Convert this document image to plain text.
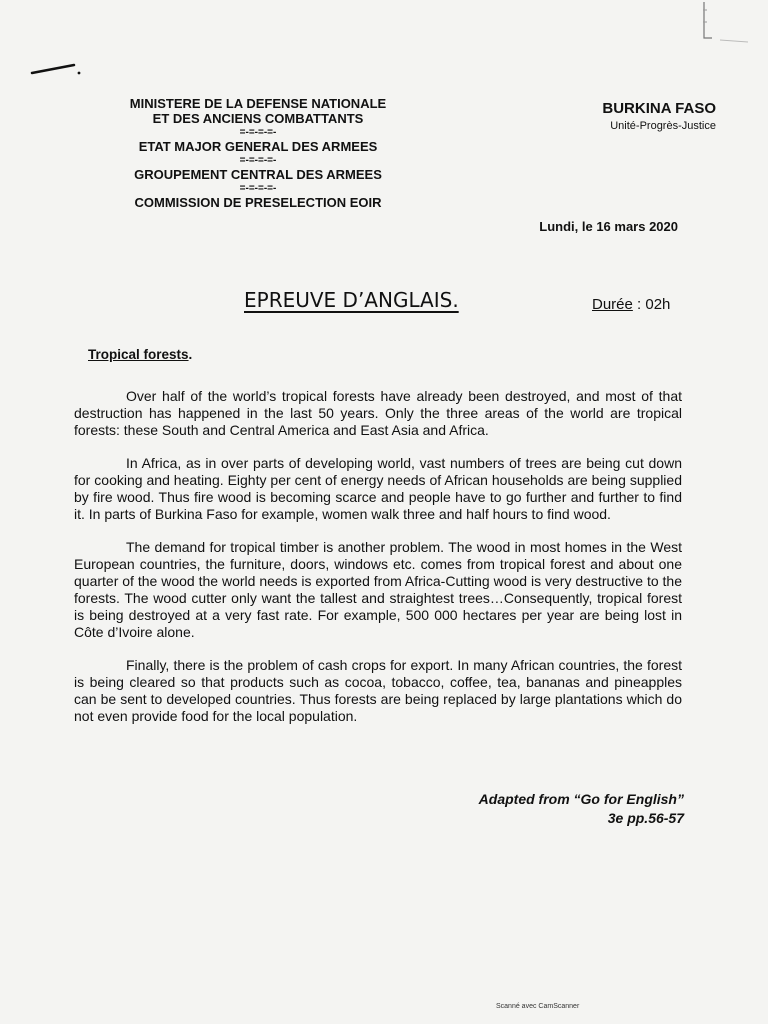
MINISTERE DE LA DEFENSE NATIONALE
ET DES ANCIENS COMBATTANTS
=-=-=-=-
ETAT MAJOR GENERAL DES ARMEES
=-=-=-=-
GROUPEMENT CENTRAL DES ARMEES
=-=-=-=-
COMMISSION DE PRESELECTION EOIR
BURKINA FASO
Unité-Progrès-Justice
Lundi, le 16 mars 2020
EPREUVE D’ANGLAIS.	Durée : 02h
Tropical forests.

Over half of the world’s tropical forests have already been destroyed, and most of that destruction has happened in the last 50 years. Only the three areas of the world are tropical forests: these South and Central America and East Asia and Africa.

In Africa, as in over parts of developing world, vast numbers of trees are being cut down for cooking and heating. Eighty per cent of energy needs of African households are being supplied by fire wood. Thus fire wood is becoming scarce and people have to go further and further to find it. In parts of Burkina Faso for example, women walk three and half hours to find wood.

The demand for tropical timber is another problem. The wood in most homes in the West European countries, the furniture, doors, windows etc. comes from tropical forest and about one quarter of the wood the world needs is exported from Africa-Cutting wood is very destructive to the forests. The wood cutter only want the tallest and straightest trees…Consequently, tropical forest is being destroyed at a very fast rate. For example, 500 000 hectares per year are being lost in Côte d’Ivoire alone.

Finally, there is the problem of cash crops for export. In many African countries, the forest is being cleared so that products such as cocoa, tobacco, coffee, tea, bananas and pineapples can be sent to developed countries. Thus forests are being replaced by large plantations which do not even provide food for the local population.

Adapted from “Go for English”
3e pp.56-57
Scanné avec CamScanner
